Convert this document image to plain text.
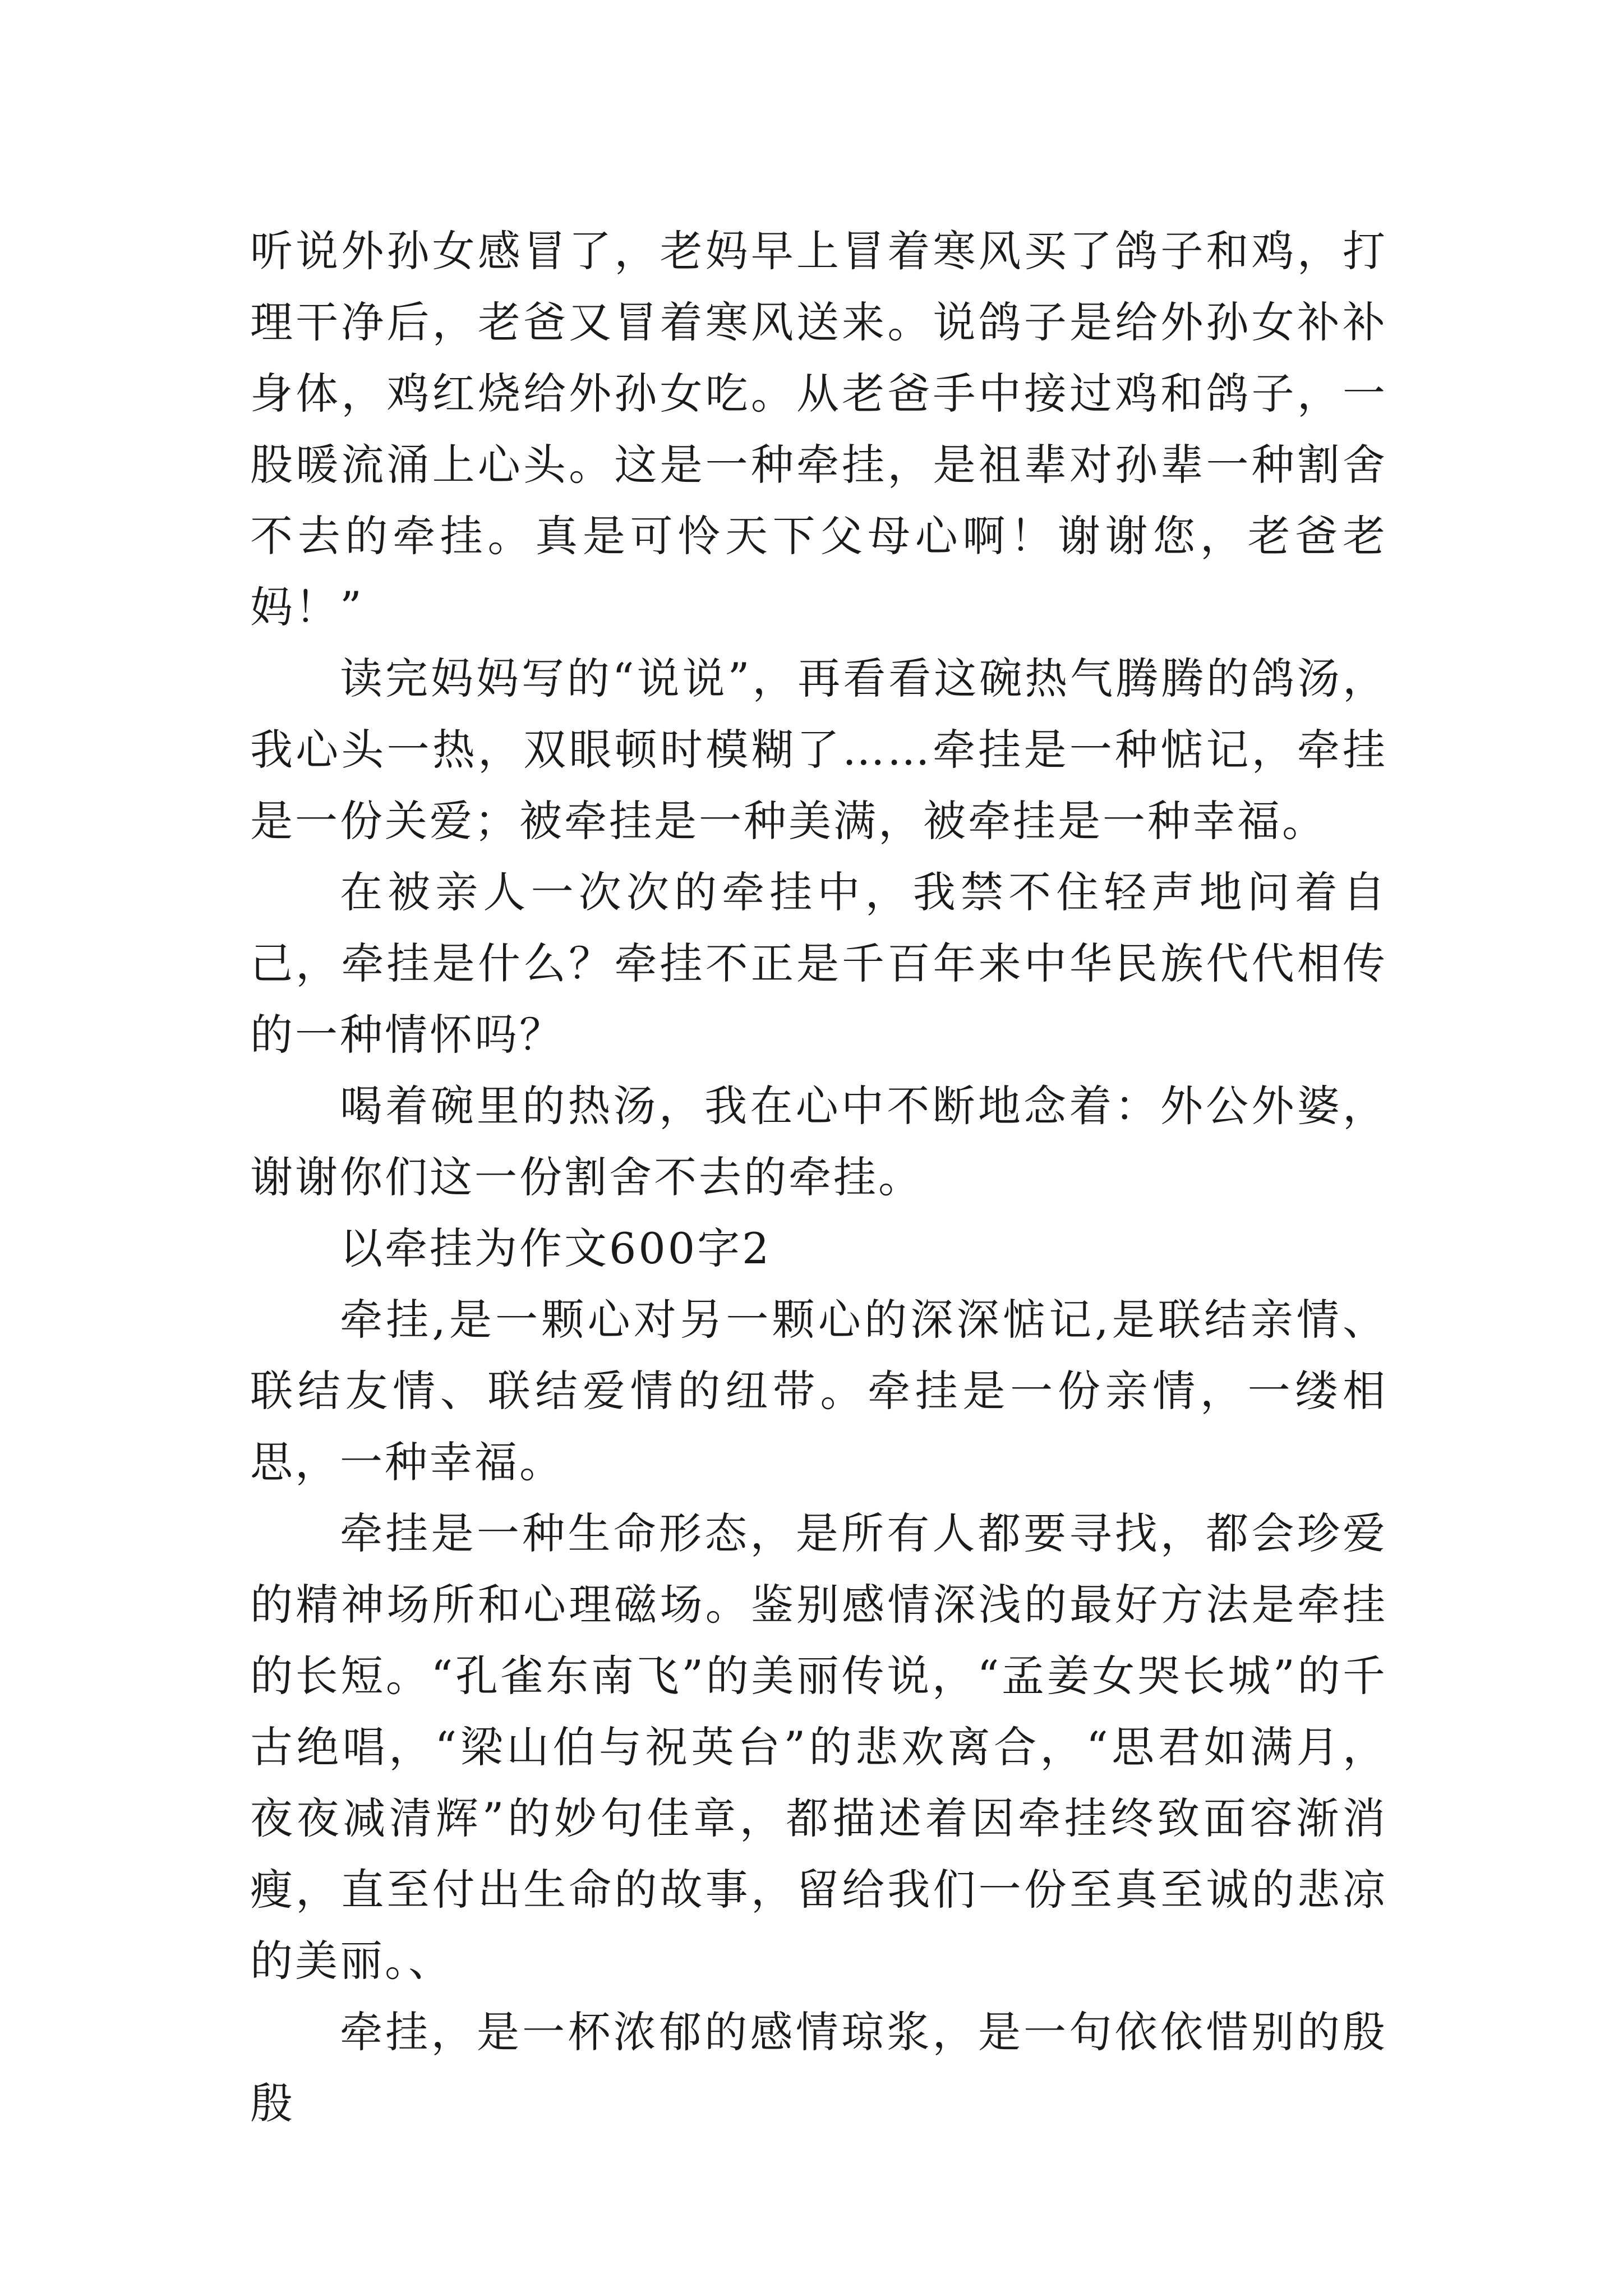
听说外孙女感冒了，老妈早上冒着寒风买了鸽子和鸡，打理干净后，老爸又冒着寒风送来。说鸽子是给外孙女补补身体，鸡红烧给外孙女吃。从老爸手中接过鸡和鸽子，一股暖流涌上心头。这是一种牵挂，是祖辈对孙辈一种割舍不去的牵挂。真是可怜天下父母心啊！谢谢您，老爸老妈！”

读完妈妈写的“说说”，再看看这碗热气腾腾的鸽汤，我心头一热，双眼顿时模糊了……牵挂是一种惦记，牵挂是一份关爱；被牵挂是一种美满，被牵挂是一种幸福。

在被亲人一次次的牵挂中，我禁不住轻声地问着自己，牵挂是什么？牵挂不正是千百年来中华民族代代相传的一种情怀吗？

喝着碗里的热汤，我在心中不断地念着：外公外婆，谢谢你们这一份割舍不去的牵挂。

以牵挂为作文600字2

牵挂,是一颗心对另一颗心的深深惦记,是联结亲情、联结友情、联结爱情的纽带。牵挂是一份亲情，一缕相思，一种幸福。

牵挂是一种生命形态，是所有人都要寻找，都会珍爱的精神场所和心理磁场。鉴别感情深浅的最好方法是牵挂的长短。“孔雀东南飞”的美丽传说，“孟姜女哭长城”的千古绝唱，“梁山伯与祝英台”的悲欢离合，“思君如满月，夜夜减清辉”的妙句佳章，都描述着因牵挂终致面容渐消瘦，直至付出生命的故事，留给我们一份至真至诚的悲凉的美丽。、

牵挂，是一杯浓郁的感情琼浆，是一句依依惜别的殷殷
